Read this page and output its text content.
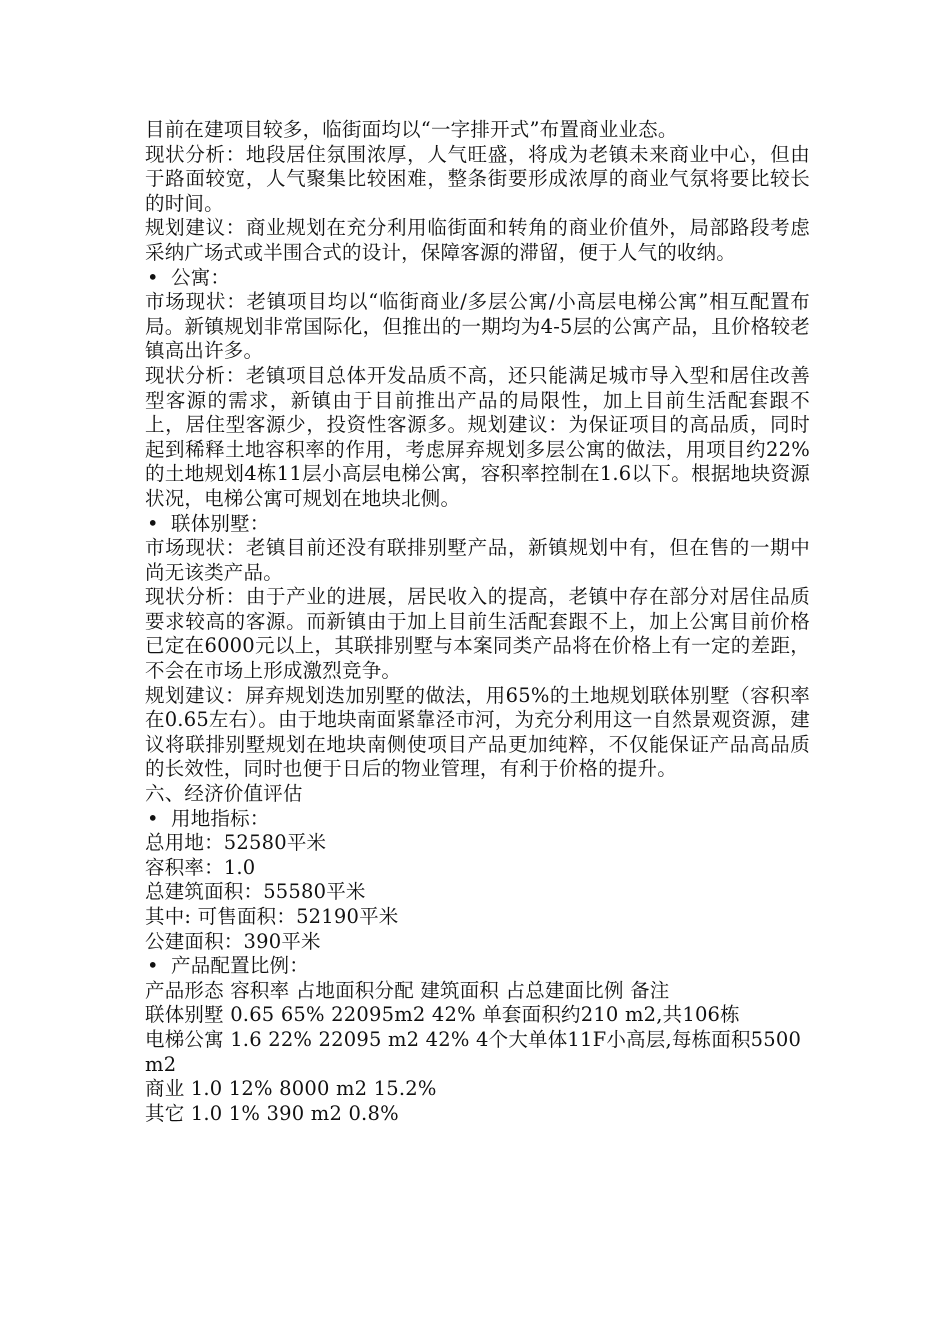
目前在建项目较多，临街面均以“一字排开式”布置商业业态。

现状分析：地段居住氛围浓厚，人气旺盛，将成为老镇未来商业中心，但由于路面较宽，人气聚集比较困难，整条街要形成浓厚的商业气氛将要比较长的时间。

规划建议：商业规划在充分利用临街面和转角的商业价值外，局部路段考虑采纳广场式或半围合式的设计，保障客源的滞留，便于人气的收纳。

• 公寓：

市场现状：老镇项目均以“临街商业/多层公寓/小高层电梯公寓”相互配置布局。新镇规划非常国际化，但推出的一期均为4-5层的公寓产品，且价格较老镇高出许多。

现状分析：老镇项目总体开发品质不高，还只能满足城市导入型和居住改善型客源的需求，新镇由于目前推出产品的局限性，加上目前生活配套跟不上，居住型客源少，投资性客源多。规划建议：为保证项目的高品质，同时起到稀释土地容积率的作用，考虑屏弃规划多层公寓的做法，用项目约22%的土地规划4栋11层小高层电梯公寓，容积率控制在1.6以下。根据地块资源状况，电梯公寓可规划在地块北侧。

• 联体别墅：

市场现状：老镇目前还没有联排别墅产品，新镇规划中有，但在售的一期中尚无该类产品。

现状分析：由于产业的进展，居民收入的提高，老镇中存在部分对居住品质要求较高的客源。而新镇由于加上目前生活配套跟不上，加上公寓目前价格已定在6000元以上，其联排别墅与本案同类产品将在价格上有一定的差距，不会在市场上形成激烈竞争。

规划建议：屏弃规划迭加别墅的做法，用65%的土地规划联体别墅（容积率在0.65左右）。由于地块南面紧靠泾市河，为充分利用这一自然景观资源，建议将联排别墅规划在地块南侧使项目产品更加纯粹，不仅能保证产品高品质的长效性，同时也便于日后的物业管理，有利于价格的提升。

六、经济价值评估

• 用地指标：

总用地：52580平米

容积率：1.0

总建筑面积：55580平米

其中: 可售面积：52190平米

公建面积：390平米

• 产品配置比例：

产品形态 容积率 占地面积分配 建筑面积 占总建面比例 备注

联体别墅 0.65 65% 22095m2 42% 单套面积约210 m2,共106栋

电梯公寓 1.6 22% 22095 m2 42% 4个大单体11F小高层,每栋面积5500 m2

商业 1.0 12% 8000 m2 15.2%

其它 1.0 1% 390 m2 0.8%
